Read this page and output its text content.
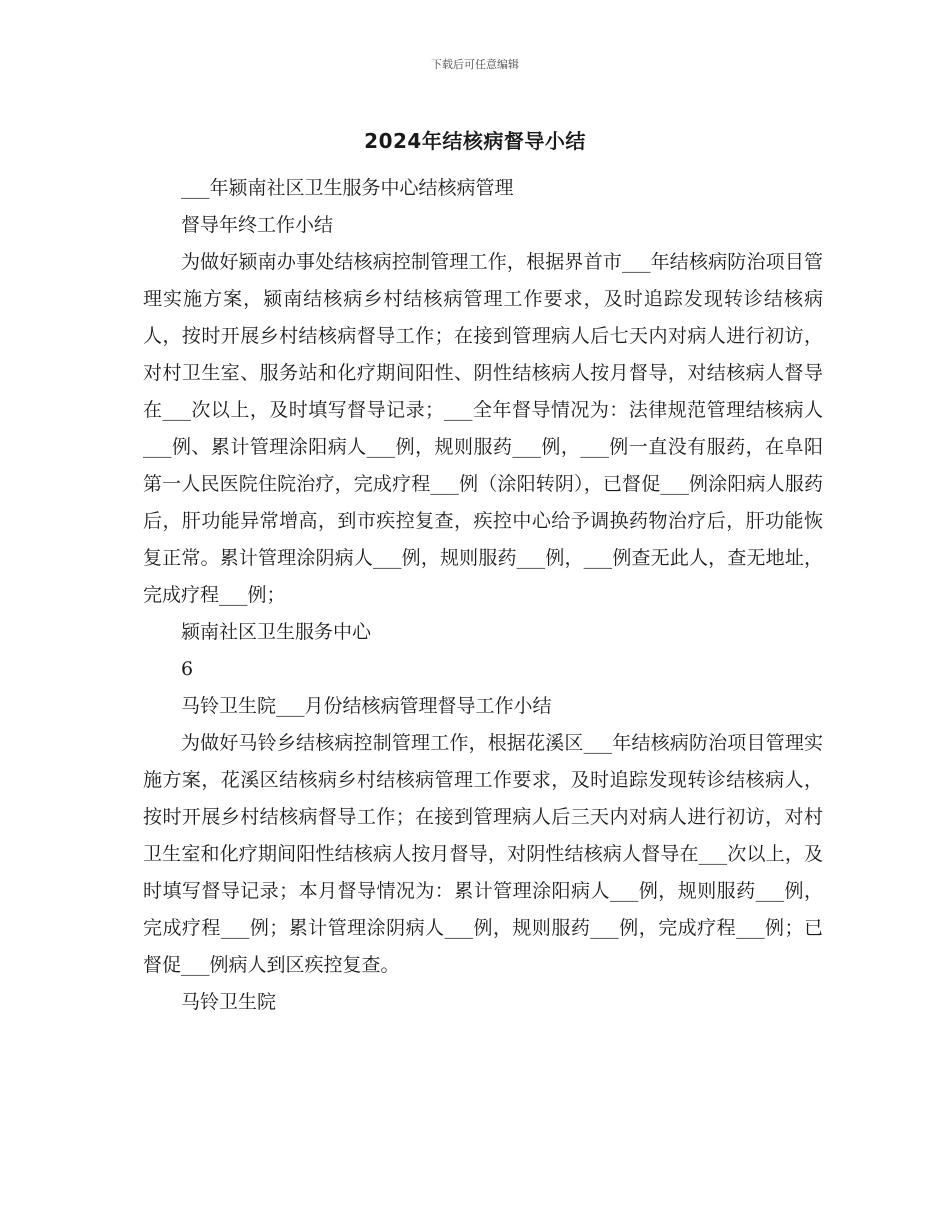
下载后可任意编辑
2024年结核病督导小结

___年颍南社区卫生服务中心结核病管理

督导年终工作小结

为做好颍南办事处结核病控制管理工作，根据界首市___年结核病防治项目管理实施方案，颍南结核病乡村结核病管理工作要求，及时追踪发现转诊结核病人，按时开展乡村结核病督导工作；在接到管理病人后七天内对病人进行初访，对村卫生室、服务站和化疗期间阳性、阴性结核病人按月督导，对结核病人督导在___次以上，及时填写督导记录；___全年督导情况为：法律规范管理结核病人___例、累计管理涂阳病人___例，规则服药___例，___例一直没有服药，在阜阳第一人民医院住院治疗，完成疗程___例（涂阳转阴），已督促___例涂阳病人服药后，肝功能异常增高，到市疾控复查，疾控中心给予调换药物治疗后，肝功能恢复正常。累计管理涂阴病人___例，规则服药___例，___例查无此人，查无地址，完成疗程___例；

颍南社区卫生服务中心

6

马铃卫生院___月份结核病管理督导工作小结

为做好马铃乡结核病控制管理工作，根据花溪区___年结核病防治项目管理实施方案，花溪区结核病乡村结核病管理工作要求，及时追踪发现转诊结核病人，按时开展乡村结核病督导工作；在接到管理病人后三天内对病人进行初访，对村卫生室和化疗期间阳性结核病人按月督导，对阴性结核病人督导在___次以上，及时填写督导记录；本月督导情况为：累计管理涂阳病人___例，规则服药___例，完成疗程___例；累计管理涂阴病人___例，规则服药___例，完成疗程___例；已督促___例病人到区疾控复查。

马铃卫生院
